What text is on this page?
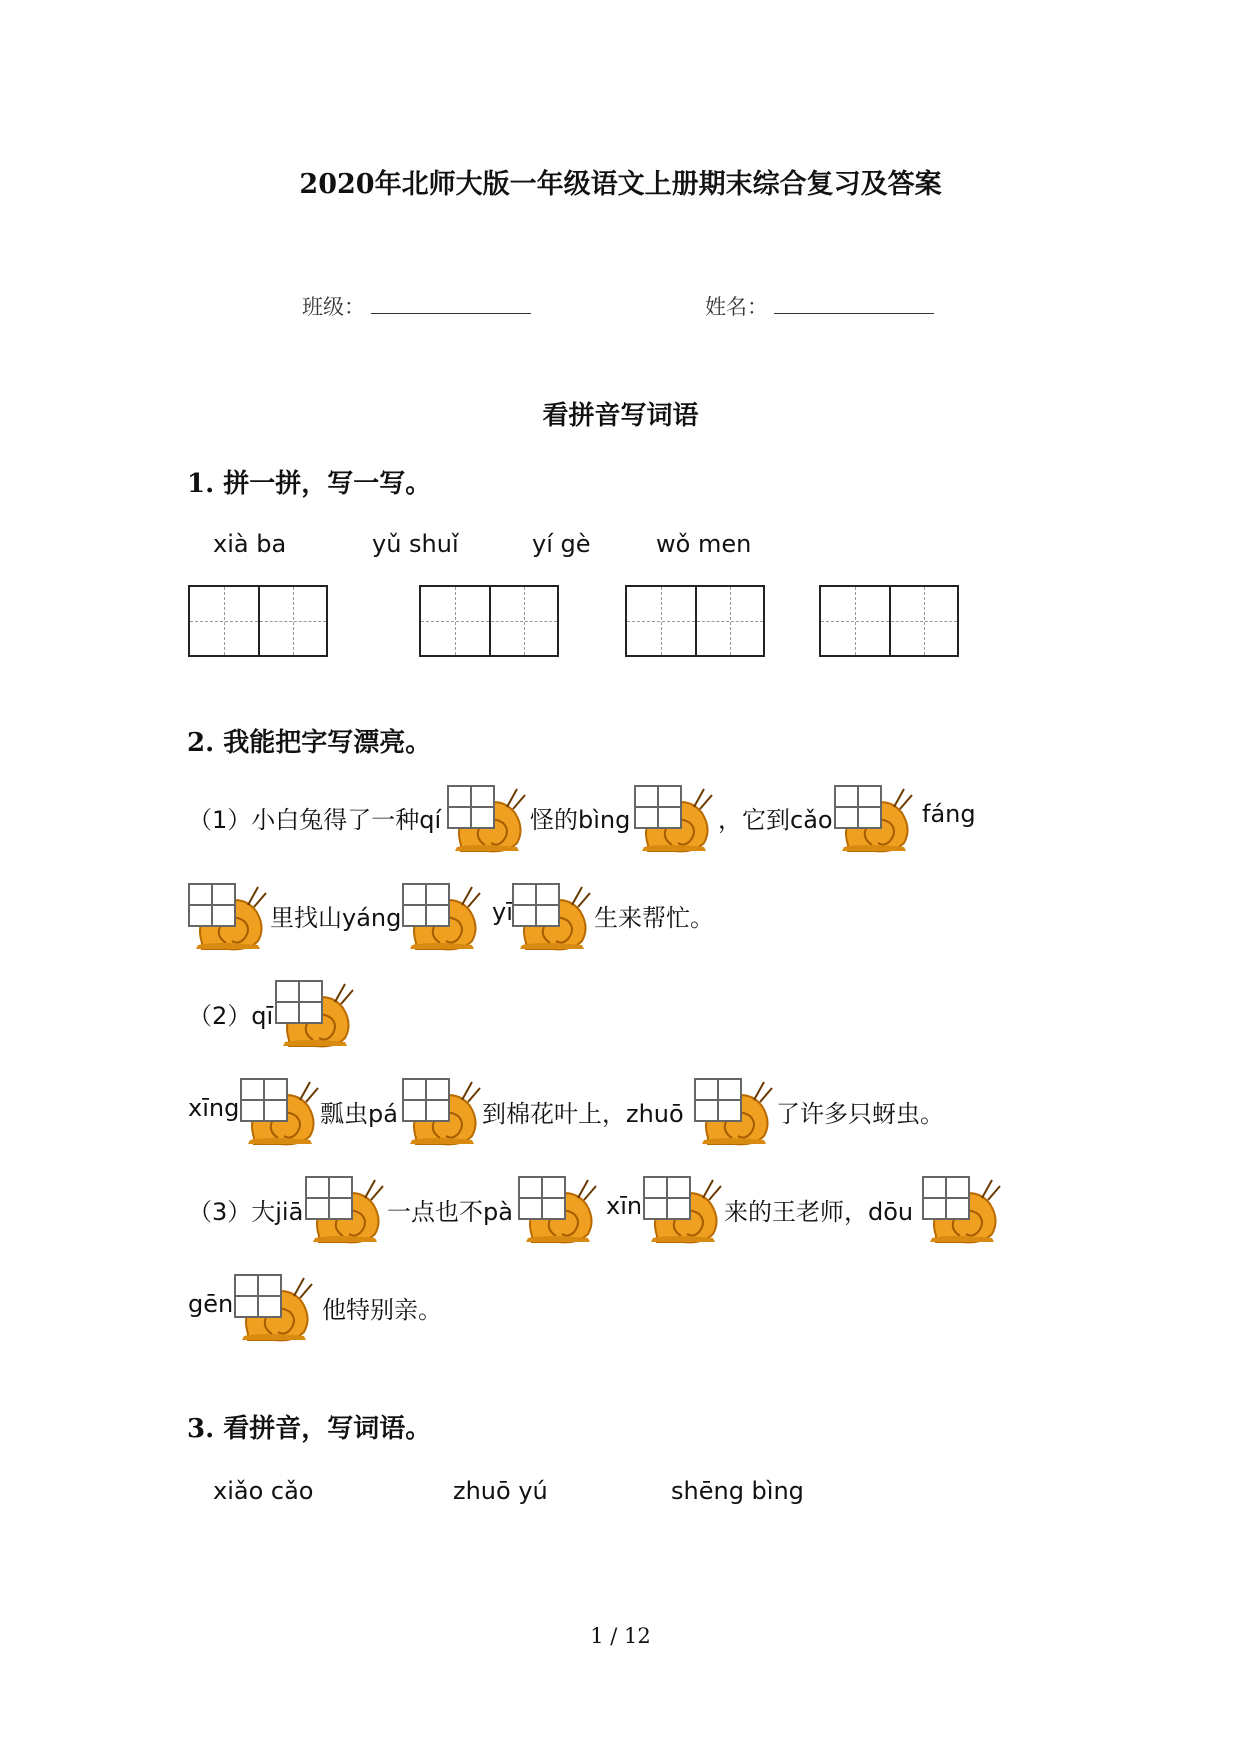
2020年北师大版一年级语文上册期末综合复习及答案
班级：	姓名：
看拼音写词语
1. 拼一拼，写一写。
xià ba	yǔ shuǐ	yí gè	wǒ men
2. 我能把字写漂亮。
（1）小白兔得了一种qí	怪的bìng	，它到cǎo	fáng
里找山yáng	yī	生来帮忙。
（2）qī
xīng	瓢虫pá	到棉花叶上，zhuō	了许多只蚜虫。
（3）大jiā	一点也不pà	xīn	来的王老师，dōu
gēn	他特别亲。
3. 看拼音，写词语。
xiǎo cǎo	zhuō yú	shēng bìng
1 / 12
